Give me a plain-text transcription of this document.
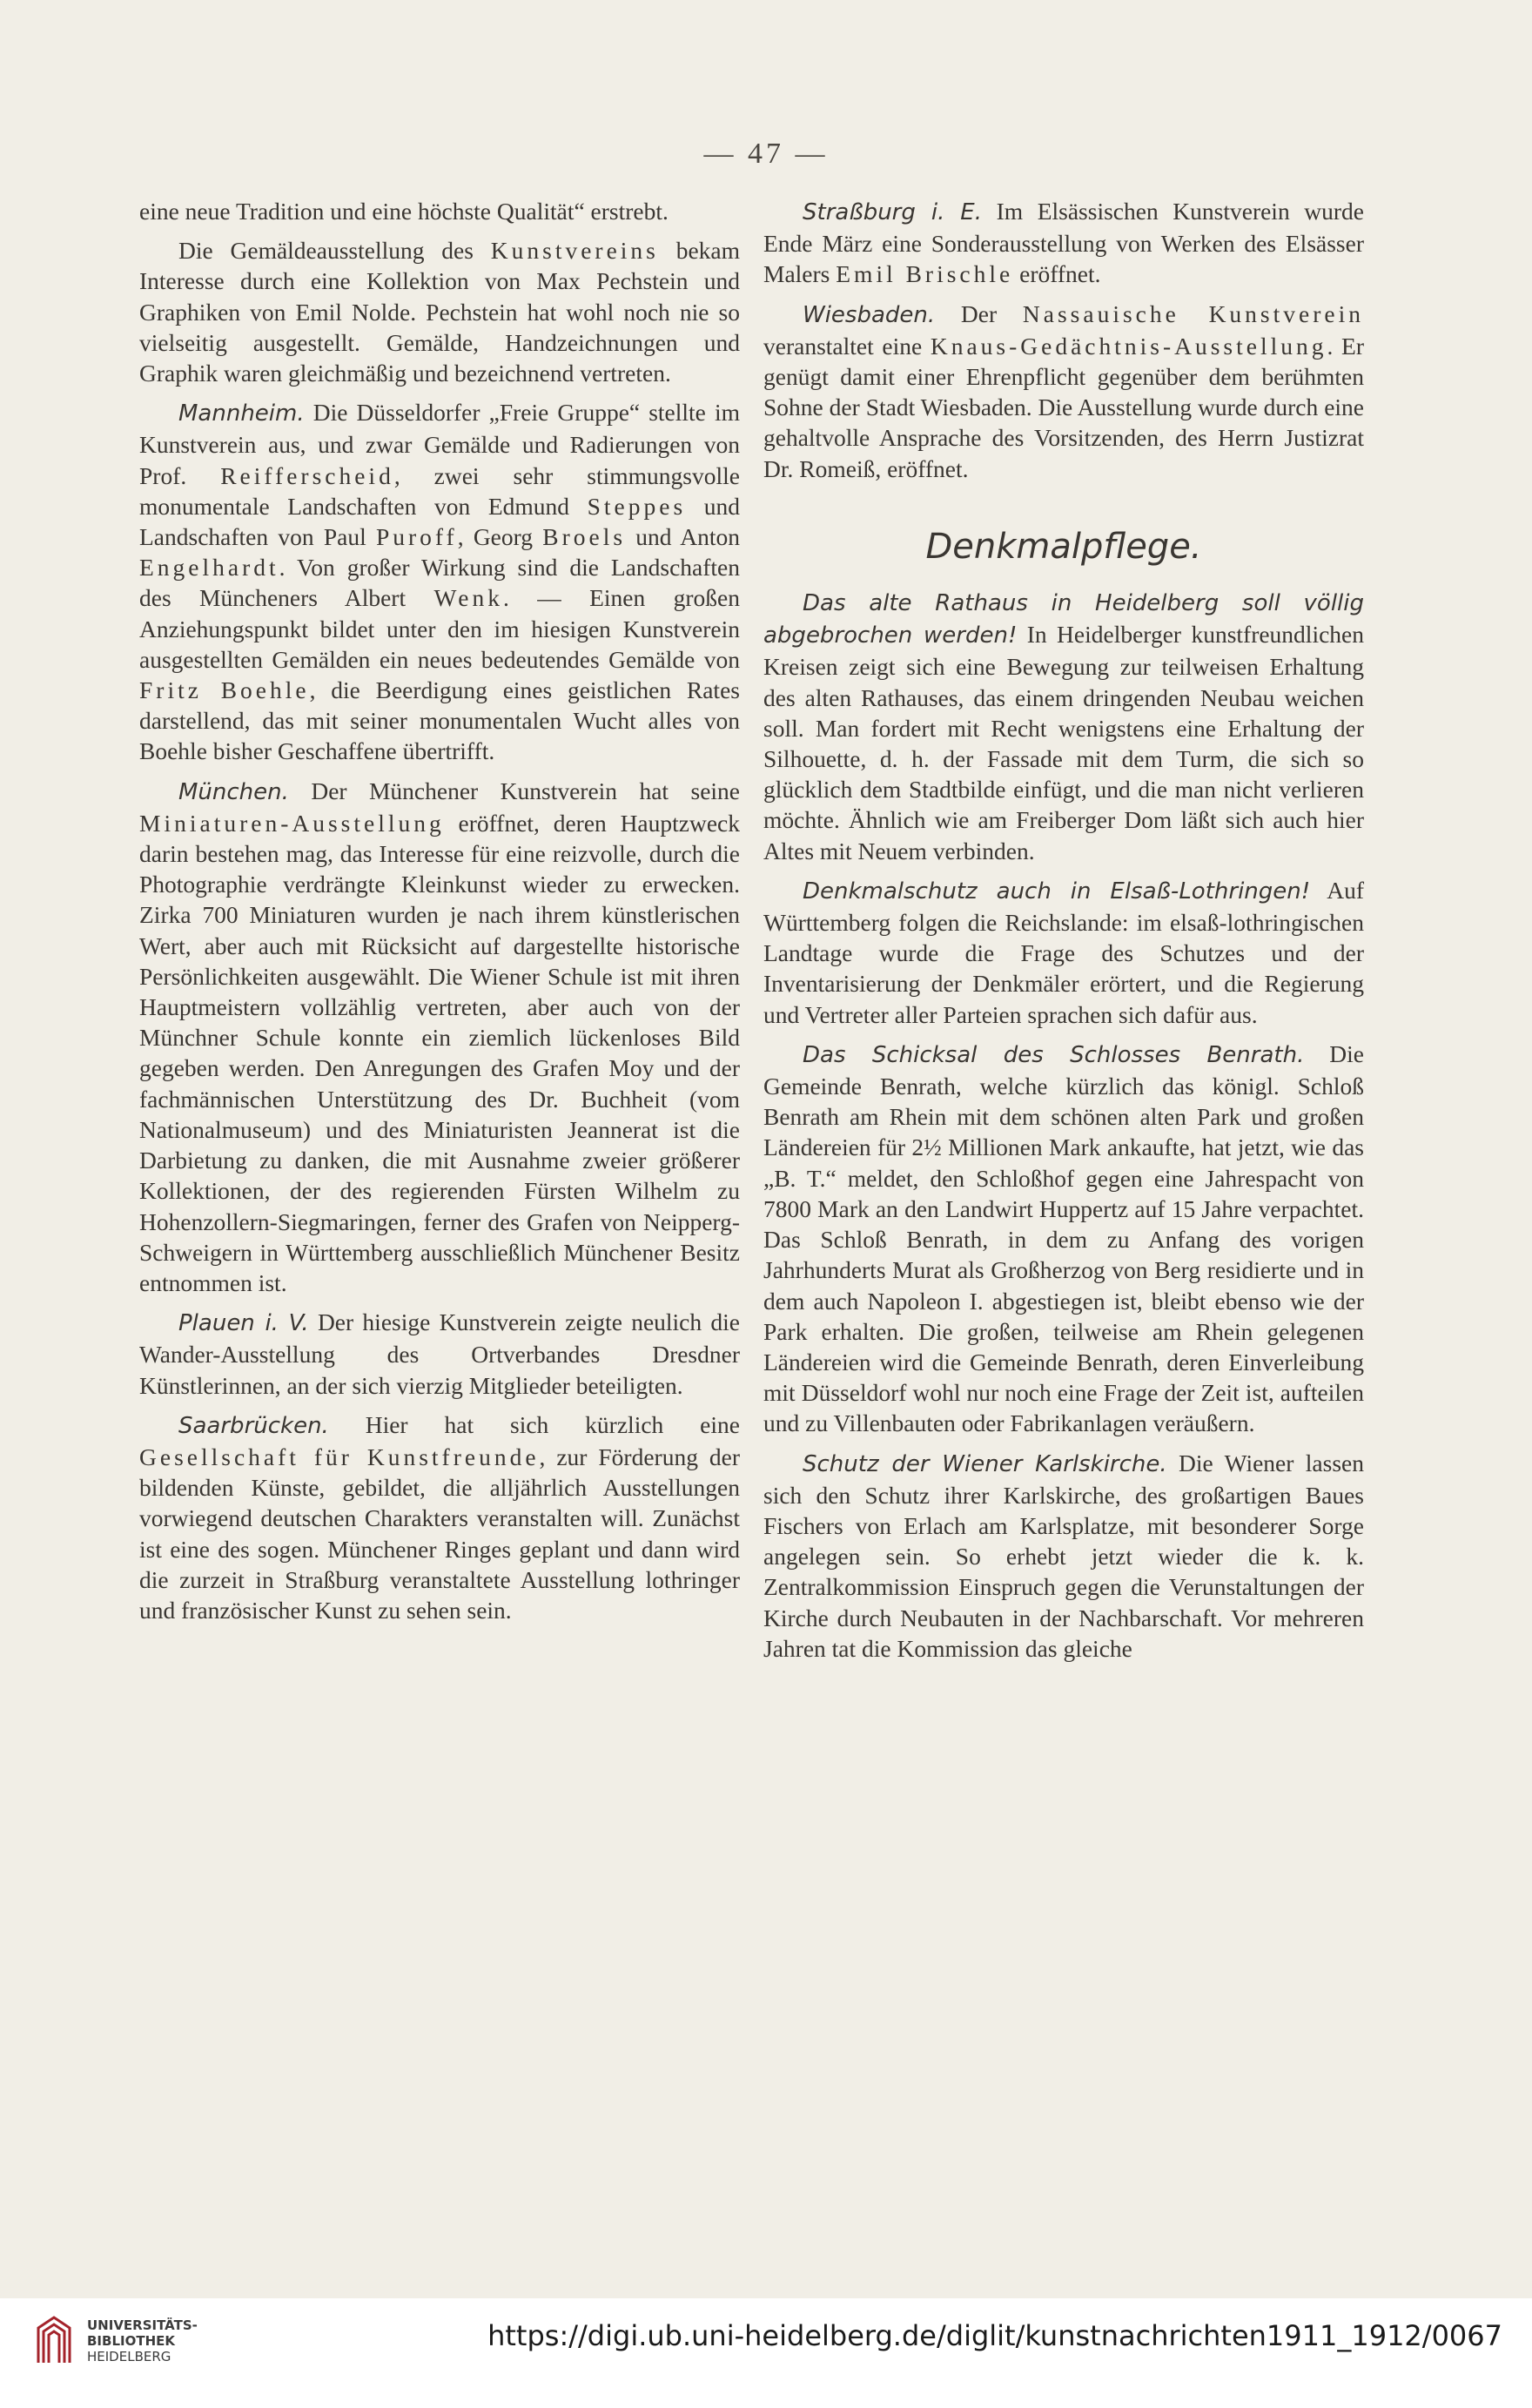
— 47 —

eine neue Tradition und eine höchste Qualität“ erstrebt.

Die Gemäldeausstellung des Kunstvereins bekam Interesse durch eine Kollektion von Max Pechstein und Graphiken von Emil Nolde. Pechstein hat wohl noch nie so vielseitig ausgestellt. Gemälde, Handzeichnungen und Graphik waren gleichmäßig und bezeichnend vertreten.

Mannheim. Die Düsseldorfer „Freie Gruppe“ stellte im Kunstverein aus, und zwar Gemälde und Radierungen von Prof. Reifferscheid, zwei sehr stimmungsvolle monumentale Landschaften von Edmund Steppes und Landschaften von Paul Puroff, Georg Broels und Anton Engelhardt. Von großer Wirkung sind die Landschaften des Müncheners Albert Wenk. — Einen großen Anziehungspunkt bildet unter den im hiesigen Kunstverein ausgestellten Gemälden ein neues bedeutendes Gemälde von Fritz Boehle, die Beerdigung eines geistlichen Rates darstellend, das mit seiner monumentalen Wucht alles von Boehle bisher Geschaffene übertrifft.

München. Der Münchener Kunstverein hat seine Miniaturen-Ausstellung eröffnet, deren Hauptzweck darin bestehen mag, das Interesse für eine reizvolle, durch die Photographie verdrängte Kleinkunst wieder zu erwecken. Zirka 700 Miniaturen wurden je nach ihrem künstlerischen Wert, aber auch mit Rücksicht auf dargestellte historische Persönlichkeiten ausgewählt. Die Wiener Schule ist mit ihren Hauptmeistern vollzählig vertreten, aber auch von der Münchner Schule konnte ein ziemlich lückenloses Bild gegeben werden. Den Anregungen des Grafen Moy und der fachmännischen Unterstützung des Dr. Buchheit (vom Nationalmuseum) und des Miniaturisten Jeannerat ist die Darbietung zu danken, die mit Ausnahme zweier größerer Kollektionen, der des regierenden Fürsten Wilhelm zu Hohenzollern-Siegmaringen, ferner des Grafen von Neipperg-Schweigern in Württemberg ausschließlich Münchener Besitz entnommen ist.

Plauen i. V. Der hiesige Kunstverein zeigte neulich die Wander-Ausstellung des Ortverbandes Dresdner Künstlerinnen, an der sich vierzig Mitglieder beteiligten.

Saarbrücken. Hier hat sich kürzlich eine Gesellschaft für Kunstfreunde, zur Förderung der bildenden Künste, gebildet, die alljährlich Ausstellungen vorwiegend deutschen Charakters veranstalten will. Zunächst ist eine des sogen. Münchener Ringes geplant und dann wird die zurzeit in Straßburg veranstaltete Ausstellung lothringer und französischer Kunst zu sehen sein.

Straßburg i. E. Im Elsässischen Kunstverein wurde Ende März eine Sonderausstellung von Werken des Elsässer Malers Emil Brischle eröffnet.

Wiesbaden. Der Nassauische Kunstverein veranstaltet eine Knaus-Gedächtnis-Ausstellung. Er genügt damit einer Ehrenpflicht gegenüber dem berühmten Sohne der Stadt Wiesbaden. Die Ausstellung wurde durch eine gehaltvolle Ansprache des Vorsitzenden, des Herrn Justizrat Dr. Romeiß, eröffnet.

Denkmalpflege.

Das alte Rathaus in Heidelberg soll völlig abgebrochen werden! In Heidelberger kunstfreundlichen Kreisen zeigt sich eine Bewegung zur teilweisen Erhaltung des alten Rathauses, das einem dringenden Neubau weichen soll. Man fordert mit Recht wenigstens eine Erhaltung der Silhouette, d. h. der Fassade mit dem Turm, die sich so glücklich dem Stadtbilde einfügt, und die man nicht verlieren möchte. Ähnlich wie am Freiberger Dom läßt sich auch hier Altes mit Neuem verbinden.

Denkmalschutz auch in Elsaß-Lothringen! Auf Württemberg folgen die Reichslande: im elsaß-lothringischen Landtage wurde die Frage des Schutzes und der Inventarisierung der Denkmäler erörtert, und die Regierung und Vertreter aller Parteien sprachen sich dafür aus.

Das Schicksal des Schlosses Benrath. Die Gemeinde Benrath, welche kürzlich das königl. Schloß Benrath am Rhein mit dem schönen alten Park und großen Ländereien für 2½ Millionen Mark ankaufte, hat jetzt, wie das „B. T.“ meldet, den Schloßhof gegen eine Jahrespacht von 7800 Mark an den Landwirt Huppertz auf 15 Jahre verpachtet. Das Schloß Benrath, in dem zu Anfang des vorigen Jahrhunderts Murat als Großherzog von Berg residierte und in dem auch Napoleon I. abgestiegen ist, bleibt ebenso wie der Park erhalten. Die großen, teilweise am Rhein gelegenen Ländereien wird die Gemeinde Benrath, deren Einverleibung mit Düsseldorf wohl nur noch eine Frage der Zeit ist, aufteilen und zu Villenbauten oder Fabrikanlagen veräußern.

Schutz der Wiener Karlskirche. Die Wiener lassen sich den Schutz ihrer Karlskirche, des großartigen Baues Fischers von Erlach am Karlsplatze, mit besonderer Sorge angelegen sein. So erhebt jetzt wieder die k. k. Zentralkommission Einspruch gegen die Verunstaltungen der Kirche durch Neubauten in der Nachbarschaft. Vor mehreren Jahren tat die Kommission das gleiche

UNIVERSITÄTS-
BIBLIOTHEK
HEIDELBERG
https://digi.ub.uni-heidelberg.de/diglit/kunstnachrichten1911_1912/0067
